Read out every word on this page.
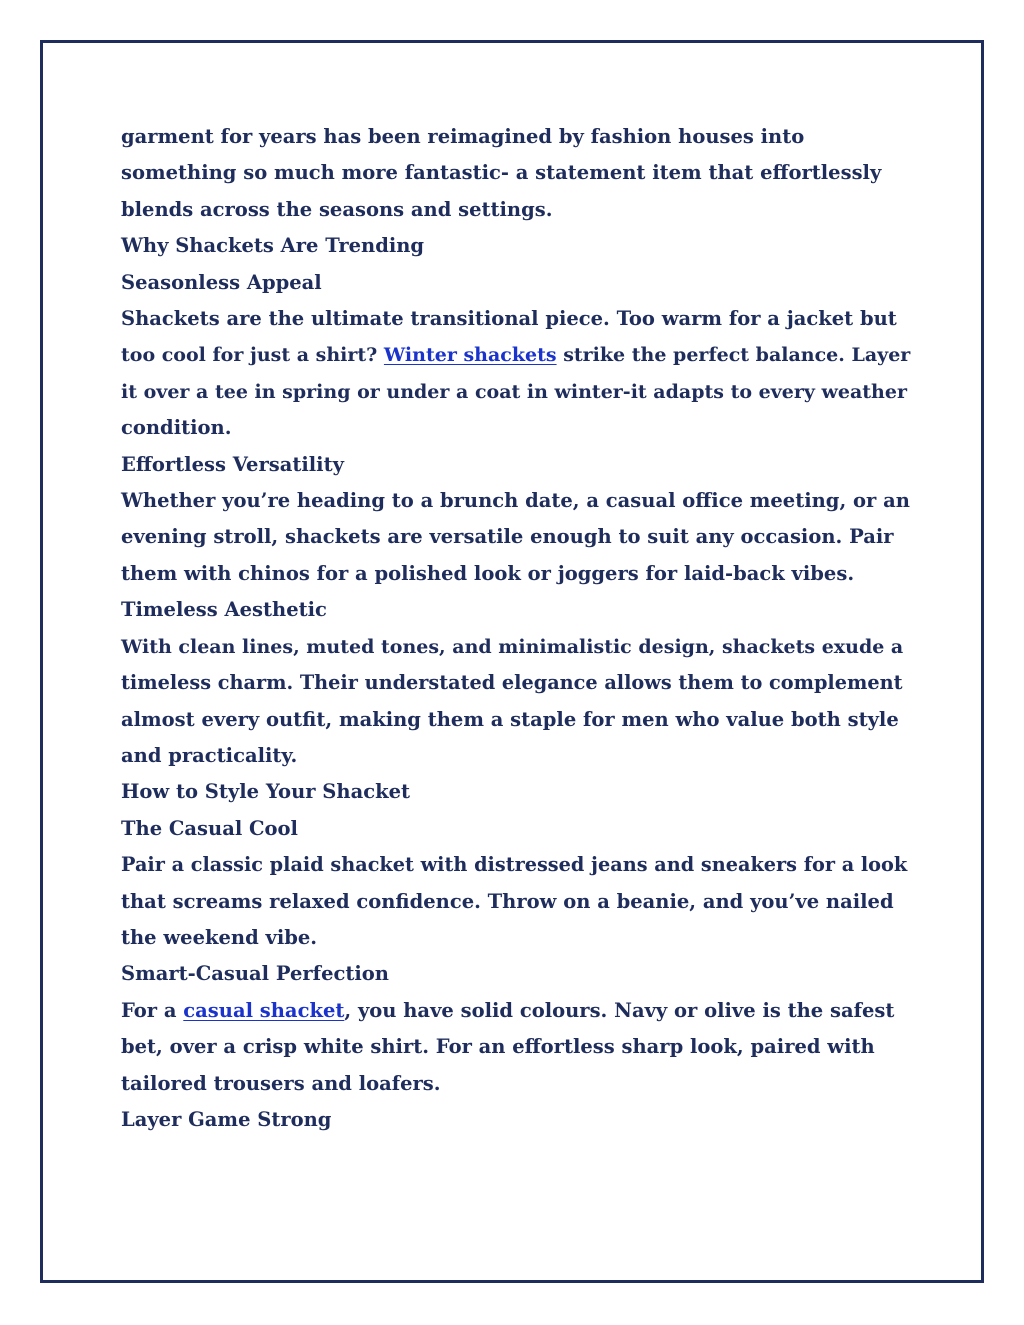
garment for years has been reimagined by fashion houses into
something so much more fantastic- a statement item that effortlessly
blends across the seasons and settings.
Why Shackets Are Trending
Seasonless Appeal
Shackets are the ultimate transitional piece. Too warm for a jacket but
too cool for just a shirt? Winter shackets strike the perfect balance. Layer
it over a tee in spring or under a coat in winter-it adapts to every weather
condition.
Effortless Versatility
Whether you’re heading to a brunch date, a casual office meeting, or an
evening stroll, shackets are versatile enough to suit any occasion. Pair
them with chinos for a polished look or joggers for laid-back vibes.
Timeless Aesthetic
With clean lines, muted tones, and minimalistic design, shackets exude a
timeless charm. Their understated elegance allows them to complement
almost every outfit, making them a staple for men who value both style
and practicality.
How to Style Your Shacket
The Casual Cool
Pair a classic plaid shacket with distressed jeans and sneakers for a look
that screams relaxed confidence. Throw on a beanie, and you’ve nailed
the weekend vibe.
Smart-Casual Perfection
For a casual shacket, you have solid colours. Navy or olive is the safest
bet, over a crisp white shirt. For an effortless sharp look, paired with
tailored trousers and loafers.
Layer Game Strong
